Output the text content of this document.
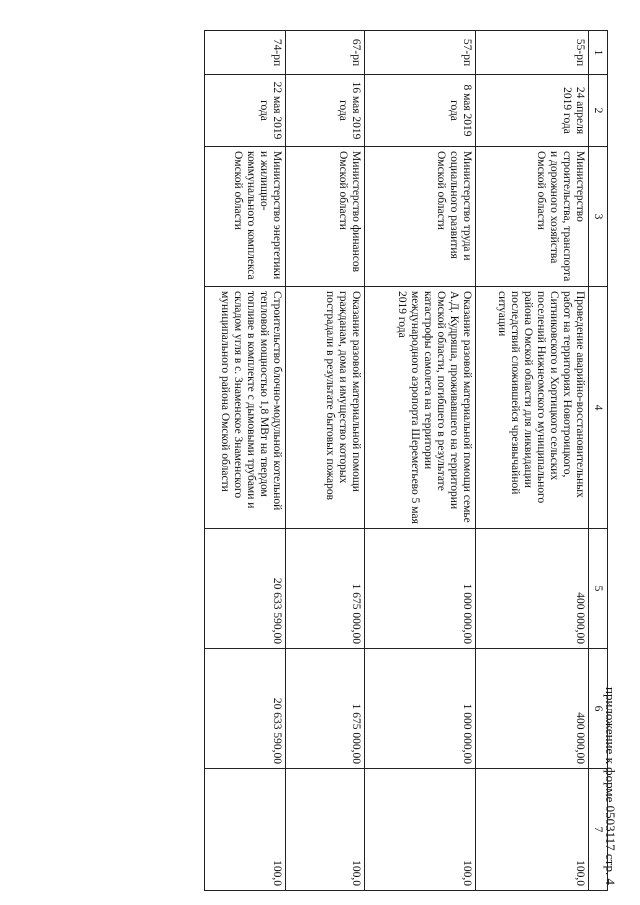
приложение к форме 0503117 стр. 4
1	2	3	4	5	6	7
55-рп	24 апреля 2019 года	Министерство строительства, транспорта и дорожного хозяйства Омской области	Проведение аварийно-восстановительных работ на территориях Новотроицкого, Ситниковского и Хортицкого сельских поселений Нижнеомского муниципального района Омской области для ликвидации последствий сложившейся чрезвычайной ситуации	400 000,00	400 000,00	100,0
57-рп	8 мая 2019 года	Министерство труда и социального развития Омской области	Оказание разовой материальной помощи семье А.Д. Кудряша, проживавшего на территории Омской области, погибшего в результате катастрофы самолета на территории международного аэропорта Шереметьево 5 мая 2019 года	1 000 000,00	1 000 000,00	100,0
67-рп	16 мая 2019 года	Министерство финансов Омской области	Оказание разовой материальной помощи гражданам, дома и имущество которых пострадали в результате бытовых пожаров	1 675 000,00	1 675 000,00	100,0
74-рп	22 мая 2019 года	Министерство энергетики и жилищно-коммунального комплекса Омской области	Строительство блочно-модульной котельной тепловой мощностью 1,8 МВт на твердом топливе в комплекте с дымовыми трубами и складом угля в с. Знаменское Знаменского муниципального района Омской области	20 633 590,00	20 633 590,00	100,0
